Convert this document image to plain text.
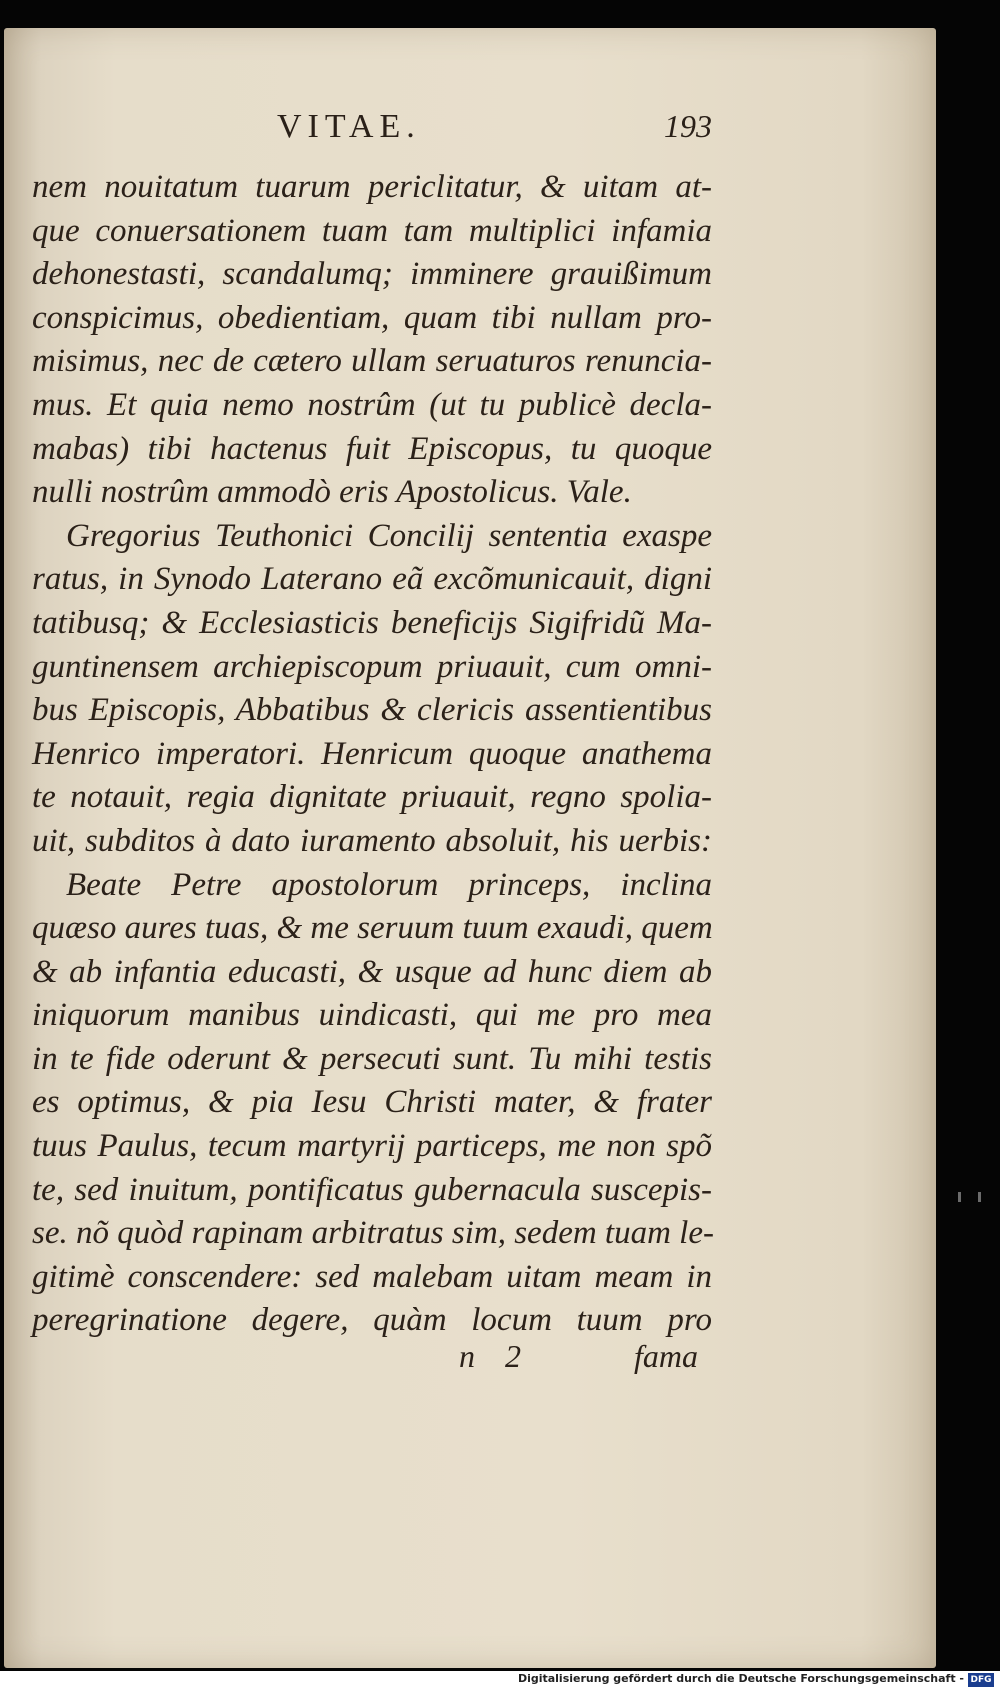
VITAE.	193
nem nouitatum tuarum periclitatur, & uitam at-
que conuersationem tuam tam multiplici infamia
dehonestasti, scandalumq; imminere grauißimum
conspicimus, obedientiam, quam tibi nullam pro-
misimus, nec de cætero ullam seruaturos renuncia-
mus. Et quia nemo nostrûm (ut tu publicè decla-
mabas) tibi hactenus fuit Episcopus, tu quoque
nulli nostrûm ammodò eris Apostolicus. Vale.
Gregorius Teuthonici Concilij sententia exaspe
ratus, in Synodo Laterano eã excõmunicauit, digni
tatibusq; & Ecclesiasticis beneficijs Sigifridũ Ma-
guntinensem archiepiscopum priuauit, cum omni-
bus Episcopis, Abbatibus & clericis assentientibus
Henrico imperatori. Henricum quoque anathema
te notauit, regia dignitate priuauit, regno spolia-
uit, subditos à dato iuramento absoluit, his uerbis:
Beate Petre apostolorum princeps, inclina
quæso aures tuas, & me seruum tuum exaudi, quem
& ab infantia educasti, & usque ad hunc diem ab
iniquorum manibus uindicasti, qui me pro mea
in te fide oderunt & persecuti sunt. Tu mihi testis
es optimus, & pia Iesu Christi mater, & frater
tuus Paulus, tecum martyrij particeps, me non spõ
te, sed inuitum, pontificatus gubernacula suscepis-
se. nõ quòd rapinam arbitratus sim, sedem tuam le-
gitimè conscendere: sed malebam uitam meam in
peregrinatione degere, quàm locum tuum pro
n 2	fama
Digitalisierung gefördert durch die Deutsche Forschungsgemeinschaft - DFG
